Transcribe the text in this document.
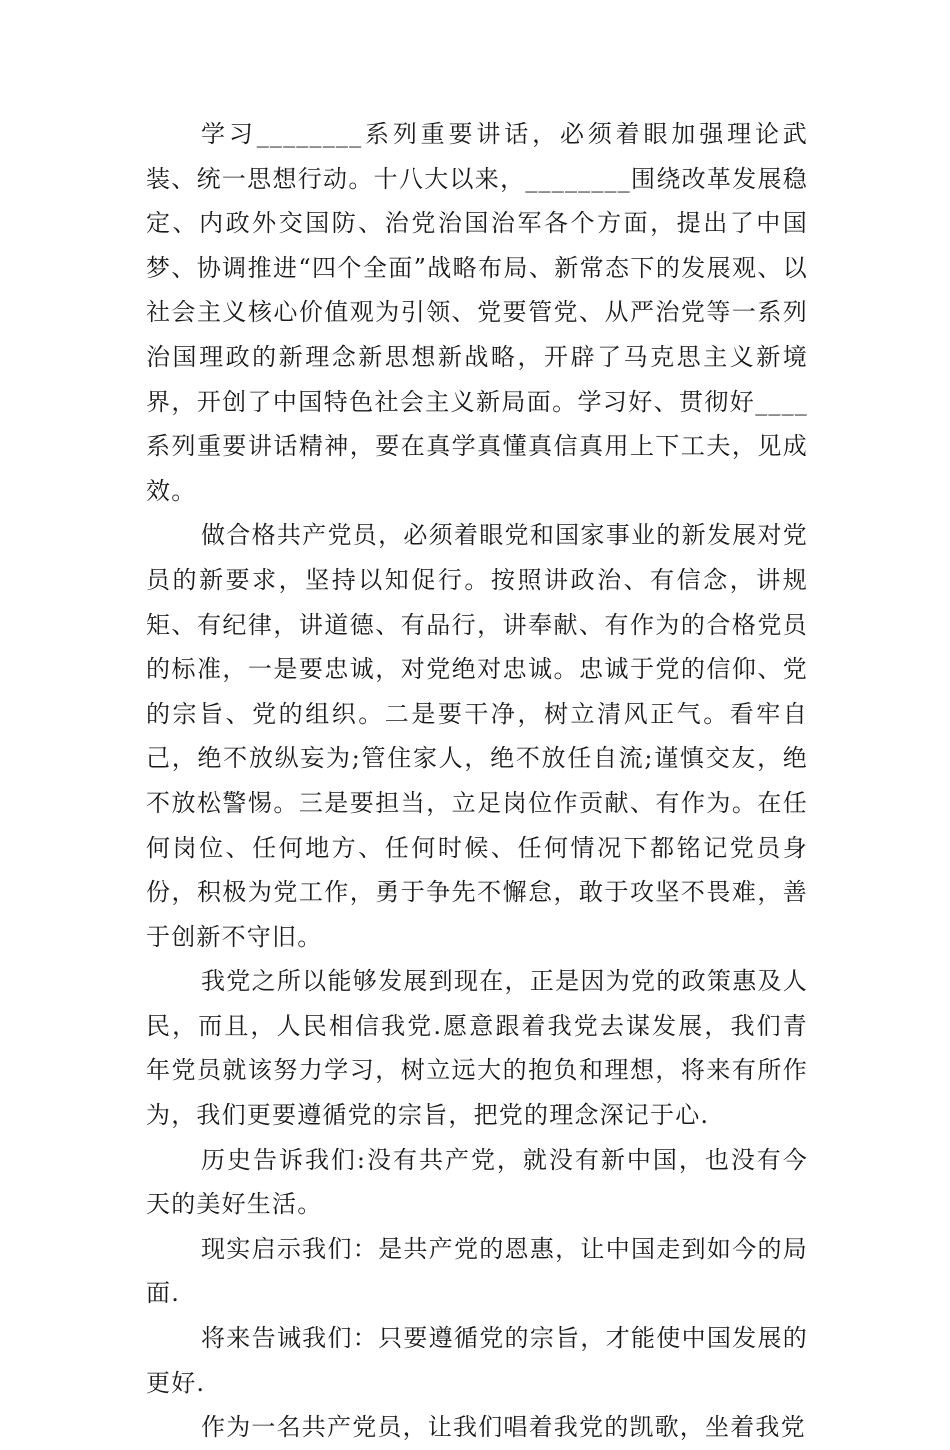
学习________系列重要讲话，必须着眼加强理论武装、统一思想行动。十八大以来，________围绕改革发展稳定、内政外交国防、治党治国治军各个方面，提出了中国梦、协调推进“四个全面”战略布局、新常态下的发展观、以社会主义核心价值观为引领、党要管党、从严治党等一系列治国理政的新理念新思想新战略，开辟了马克思主义新境界，开创了中国特色社会主义新局面。学习好、贯彻好____系列重要讲话精神，要在真学真懂真信真用上下工夫，见成效。

做合格共产党员，必须着眼党和国家事业的新发展对党员的新要求，坚持以知促行。按照讲政治、有信念，讲规矩、有纪律，讲道德、有品行，讲奉献、有作为的合格党员的标准，一是要忠诚，对党绝对忠诚。忠诚于党的信仰、党的宗旨、党的组织。二是要干净，树立清风正气。看牢自己，绝不放纵妄为;管住家人，绝不放任自流;谨慎交友，绝不放松警惕。三是要担当，立足岗位作贡献、有作为。在任何岗位、任何地方、任何时候、任何情况下都铭记党员身份，积极为党工作，勇于争先不懈怠，敢于攻坚不畏难，善于创新不守旧。

我党之所以能够发展到现在，正是因为党的政策惠及人民，而且，人民相信我党.愿意跟着我党去谋发展，我们青年党员就该努力学习，树立远大的抱负和理想，将来有所作为，我们更要遵循党的宗旨，把党的理念深记于心.

历史告诉我们:没有共产党，就没有新中国，也没有今天的美好生活。

现实启示我们：是共产党的恩惠，让中国走到如今的局面.

将来告诫我们：只要遵循党的宗旨，才能使中国发展的更好.

作为一名共产党员，让我们唱着我党的凯歌，坐着我党
